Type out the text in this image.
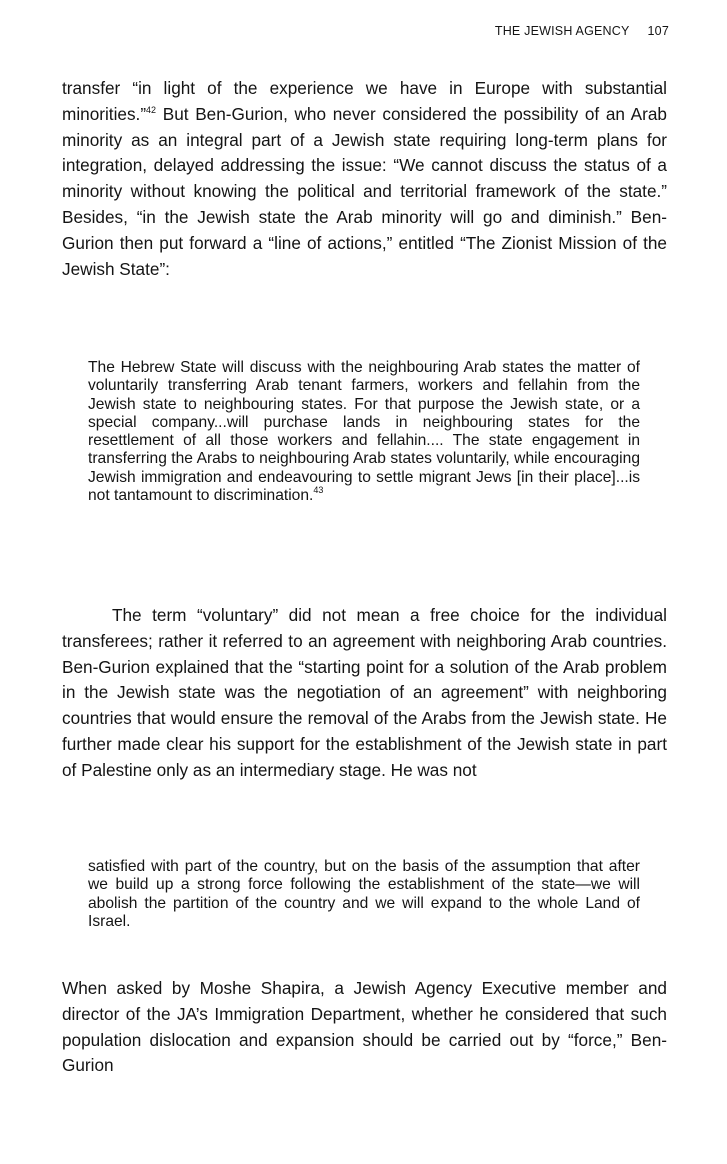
THE JEWISH AGENCY 107

transfer “in light of the experience we have in Europe with substantial minorities.”$^{42}$ But Ben-Gurion, who never considered the possibility of an Arab minority as an integral part of a Jewish state requiring long-term plans for integration, delayed addressing the issue: “We cannot discuss the status of a minority without knowing the political and territorial framework of the state.” Besides, “in the Jewish state the Arab minority will go and diminish.” Ben-Gurion then put forward a “line of actions,” entitled “The Zionist Mission of the Jewish State”:

The Hebrew State will discuss with the neighbouring Arab states the matter of voluntarily transferring Arab tenant farmers, workers and fellahin from the Jewish state to neighbouring states. For that purpose the Jewish state, or a special company...will purchase lands in neighbouring states for the resettlement of all those workers and fellahin.... The state engagement in transferring the Arabs to neighbouring Arab states voluntarily, while encouraging Jewish immigration and endeavouring to settle migrant Jews [in their place]...is not tantamount to discrimination.$^{43}$

The term “voluntary” did not mean a free choice for the individual transferees; rather it referred to an agreement with neighboring Arab countries. Ben-Gurion explained that the “starting point for a solution of the Arab problem in the Jewish state was the negotiation of an agreement” with neighboring countries that would ensure the removal of the Arabs from the Jewish state. He further made clear his support for the establishment of the Jewish state in part of Palestine only as an intermediary stage. He was not

satisfied with part of the country, but on the basis of the assumption that after we build up a strong force following the establishment of the state—we will abolish the partition of the country and we will expand to the whole Land of Israel.

When asked by Moshe Shapira, a Jewish Agency Executive member and director of the JA’s Immigration Department, whether he considered that such population dislocation and expansion should be carried out by “force,” Ben-Gurion
